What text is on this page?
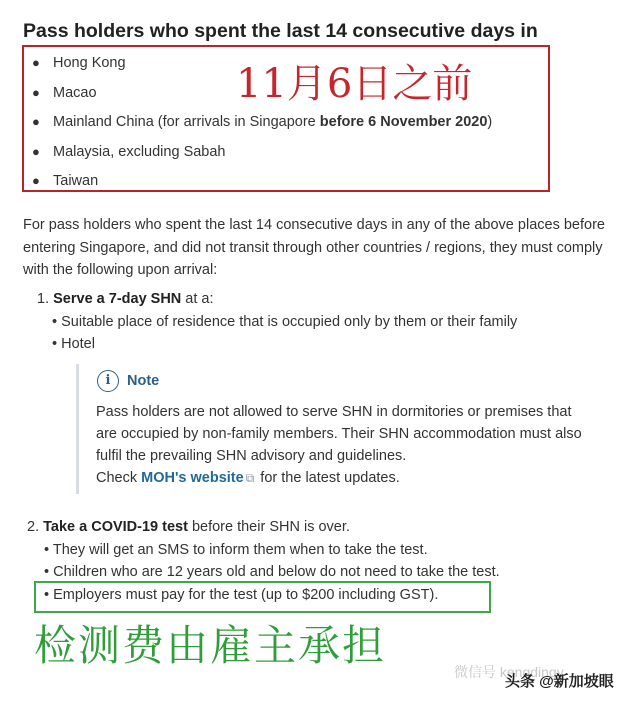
Pass holders who spent the last 14 consecutive days in
● Hong Kong
● Macao
● Mainland China (for arrivals in Singapore before 6 November 2020)
● Malaysia, excluding Sabah
● Taiwan
11月6日之前
For pass holders who spent the last 14 consecutive days in any of the above places before entering Singapore, and did not transit through other countries / regions, they must comply with the following upon arrival:
1. Serve a 7-day SHN at a:
• Suitable place of residence that is occupied only by them or their family
• Hotel
i	Note
Pass holders are not allowed to serve SHN in dormitories or premises that are occupied by non-family members. Their SHN accommodation must also fulfil the prevailing SHN advisory and guidelines.
Check MOH's website ⧉ for the latest updates.
2. Take a COVID-19 test before their SHN is over.
• They will get an SMS to inform them when to take the test.
• Children who are 12 years old and below do not need to take the test.
• Employers must pay for the test (up to $200 including GST).
检测费由雇主承担
微信号 kengdingy
头条 @新加坡眼
